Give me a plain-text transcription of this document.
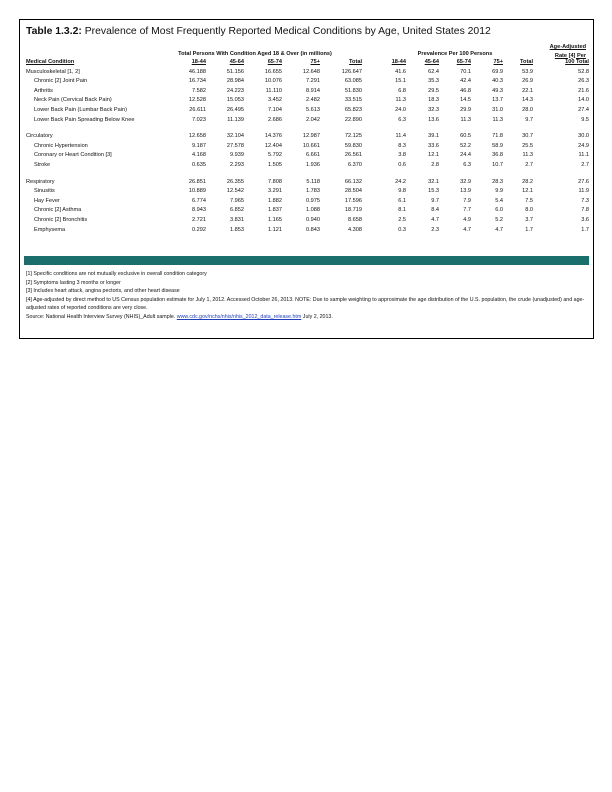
Table 1.3.2: Prevalence of Most Frequently Reported Medical Conditions by Age, United States 2012
Total Persons With Condition Aged 18 & Over (in millions)	Prevalence Per 100 Persons
Age-Adjusted
Rate [4] Per
Medical Condition	18-44	45-64	65-74	75+	Total	18-44	45-64	65-74	75+	Total	100 Total
Musculoskeletal [1, 2]	46.188	51.156	16.655	12.648	126.647	41.6	62.4	70.1	69.9	53.9	52.8
Chronic [2] Joint Pain	16.734	28.984	10.076	7.291	63.085	15.1	35.3	42.4	40.3	26.9	26.3
Arthritis	7.582	24.223	11.110	8.914	51.830	6.8	29.5	46.8	49.3	22.1	21.6
Neck Pain (Cervical Back Pain)	12.528	15.053	3.452	2.482	33.515	11.3	18.3	14.5	13.7	14.3	14.0
Lower Back Pain (Lumbar Back Pain)	26.611	26.495	7.104	5.613	65.823	24.0	32.3	29.9	31.0	28.0	27.4
Lower Back Pain Spreading Below Knee	7.023	11.139	2.686	2.042	22.890	6.3	13.6	11.3	11.3	9.7	9.5

Circulatory	12.658	32.104	14.376	12.987	72.125	11.4	39.1	60.5	71.8	30.7	30.0
Chronic Hypertension	9.187	27.578	12.404	10.661	59.830	8.3	33.6	52.2	58.9	25.5	24.9
Coronary or Heart Condition [3]	4.168	9.939	5.792	6.661	26.561	3.8	12.1	24.4	36.8	11.3	11.1
Stroke	0.635	2.293	1.505	1.936	6.370	0.6	2.8	6.3	10.7	2.7	2.7

Respiratory	26.851	26.355	7.808	5.118	66.132	24.2	32.1	32.9	28.3	28.2	27.6
Sinusitis	10.889	12.542	3.291	1.783	28.504	9.8	15.3	13.9	9.9	12.1	11.9
Hay Fever	6.774	7.965	1.882	0.975	17.596	6.1	9.7	7.9	5.4	7.5	7.3
Chronic [2] Asthma	8.943	6.852	1.837	1.088	18.719	8.1	8.4	7.7	6.0	8.0	7.8
Chronic [2] Bronchitis	2.721	3.831	1.165	0.940	8.658	2.5	4.7	4.9	5.2	3.7	3.6
Emphysema	0.292	1.853	1.121	0.843	4.308	0.3	2.3	4.7	4.7	1.7	1.7

[1] Specific conditions are not mutually exclusive in overall condition category

[2] Symptoms lasting 3 months or longer

[3] Includes heart attack, angina pectoris, and other heart disease

[4] Age-adjusted by direct method to US Census population estimate for July 1, 2012. Accessed October 26, 2013. NOTE: Due to sample weighting to approximate the age distribution of the U.S. population, the crude (unadjusted) and age-adjusted rates of reported conditions are very close.

Source: National Health Interview Survey (NHIS)_Adult sample. www.cdc.gov/nchs/nhis/nhis_2012_data_release.htm July 2, 2013.
